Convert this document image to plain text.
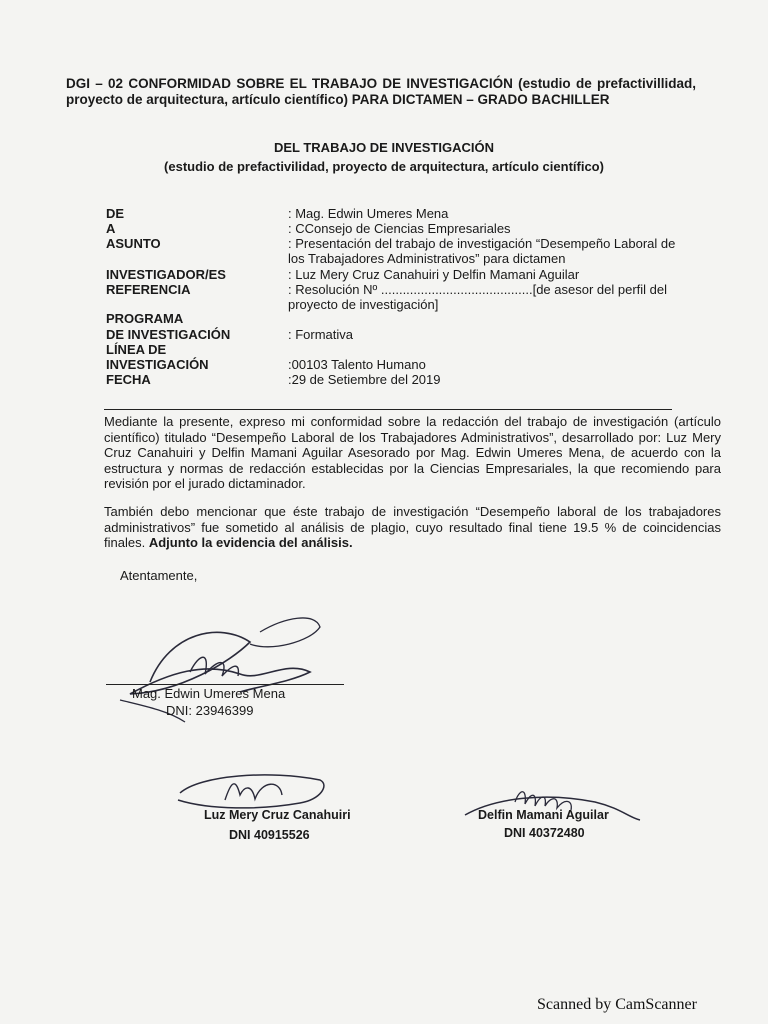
DGI – 02 CONFORMIDAD SOBRE EL TRABAJO DE INVESTIGACIÓN (estudio de prefactivillidad, proyecto de arquitectura, artículo científico) PARA DICTAMEN – GRADO BACHILLER
DEL TRABAJO DE INVESTIGACIÓN
(estudio de prefactivilidad, proyecto de arquitectura, artículo científico)
DE	: Mag. Edwin Umeres Mena
A	: CConsejo de Ciencias Empresariales
ASUNTO	: Presentación del trabajo de investigación “Desempeño Laboral de
los Trabajadores Administrativos” para dictamen
INVESTIGADOR/ES	: Luz Mery Cruz Canahuiri y Delfin Mamani Aguilar
REFERENCIA	: Resolución Nº ..........................................[de asesor del perfil del
proyecto de investigación]
PROGRAMA
DE INVESTIGACIÓN	: Formativa
LÍNEA DE
INVESTIGACIÓN	:00103 Talento Humano
FECHA	:29 de Setiembre del 2019
Mediante la presente, expreso mi conformidad sobre la redacción del trabajo de investigación (artículo científico) titulado “Desempeño Laboral de los Trabajadores Administrativos”, desarrollado por: Luz Mery Cruz Canahuiri y Delfin Mamani Aguilar Asesorado por Mag. Edwin Umeres Mena, de acuerdo con la estructura y normas de redacción establecidas por la Ciencias Empresariales, la que recomiendo para revisión por el jurado dictaminador.
También debo mencionar que éste trabajo de investigación “Desempeño laboral de los trabajadores administrativos” fue sometido al análisis de plagio, cuyo resultado final tiene 19.5 % de coincidencias finales. Adjunto la evidencia del análisis.
Atentamente,
Mag. Edwin Umeres Mena
DNI: 23946399
Luz Mery Cruz Canahuiri
DNI 40915526
Delfin Mamani Aguilar
DNI 40372480
Scanned by CamScanner
